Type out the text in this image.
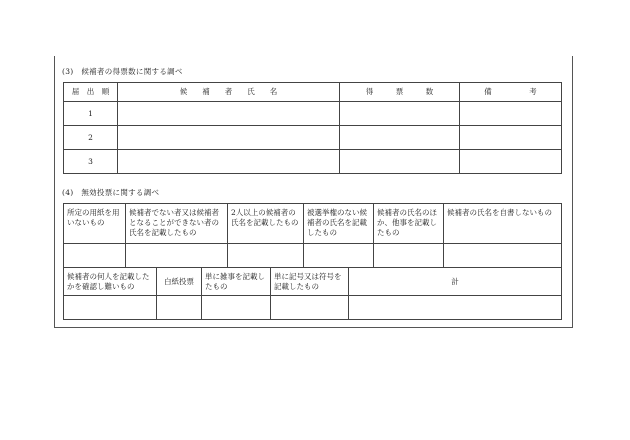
(3)　候補者の得票数に関する調べ
届　出　順	候　　補　　者　　氏　　名	得　　　票　　　数	備　　　　　考
1			
2			
3			
(4)　無効投票に関する調べ
所定の用紙を用いないもの	候補者でない者又は候補者となることができない者の氏名を記載したもの	2人以上の候補者の氏名を記載したもの	被選挙権のない候補者の氏名を記載したもの	候補者の氏名のほか、他事を記載したもの	候補者の氏名を自書しないもの

候補者の何人を記載したかを確認し難いもの	白紙投票	単に雑事を記載したもの	単に記号又は符号を記載したもの	計
